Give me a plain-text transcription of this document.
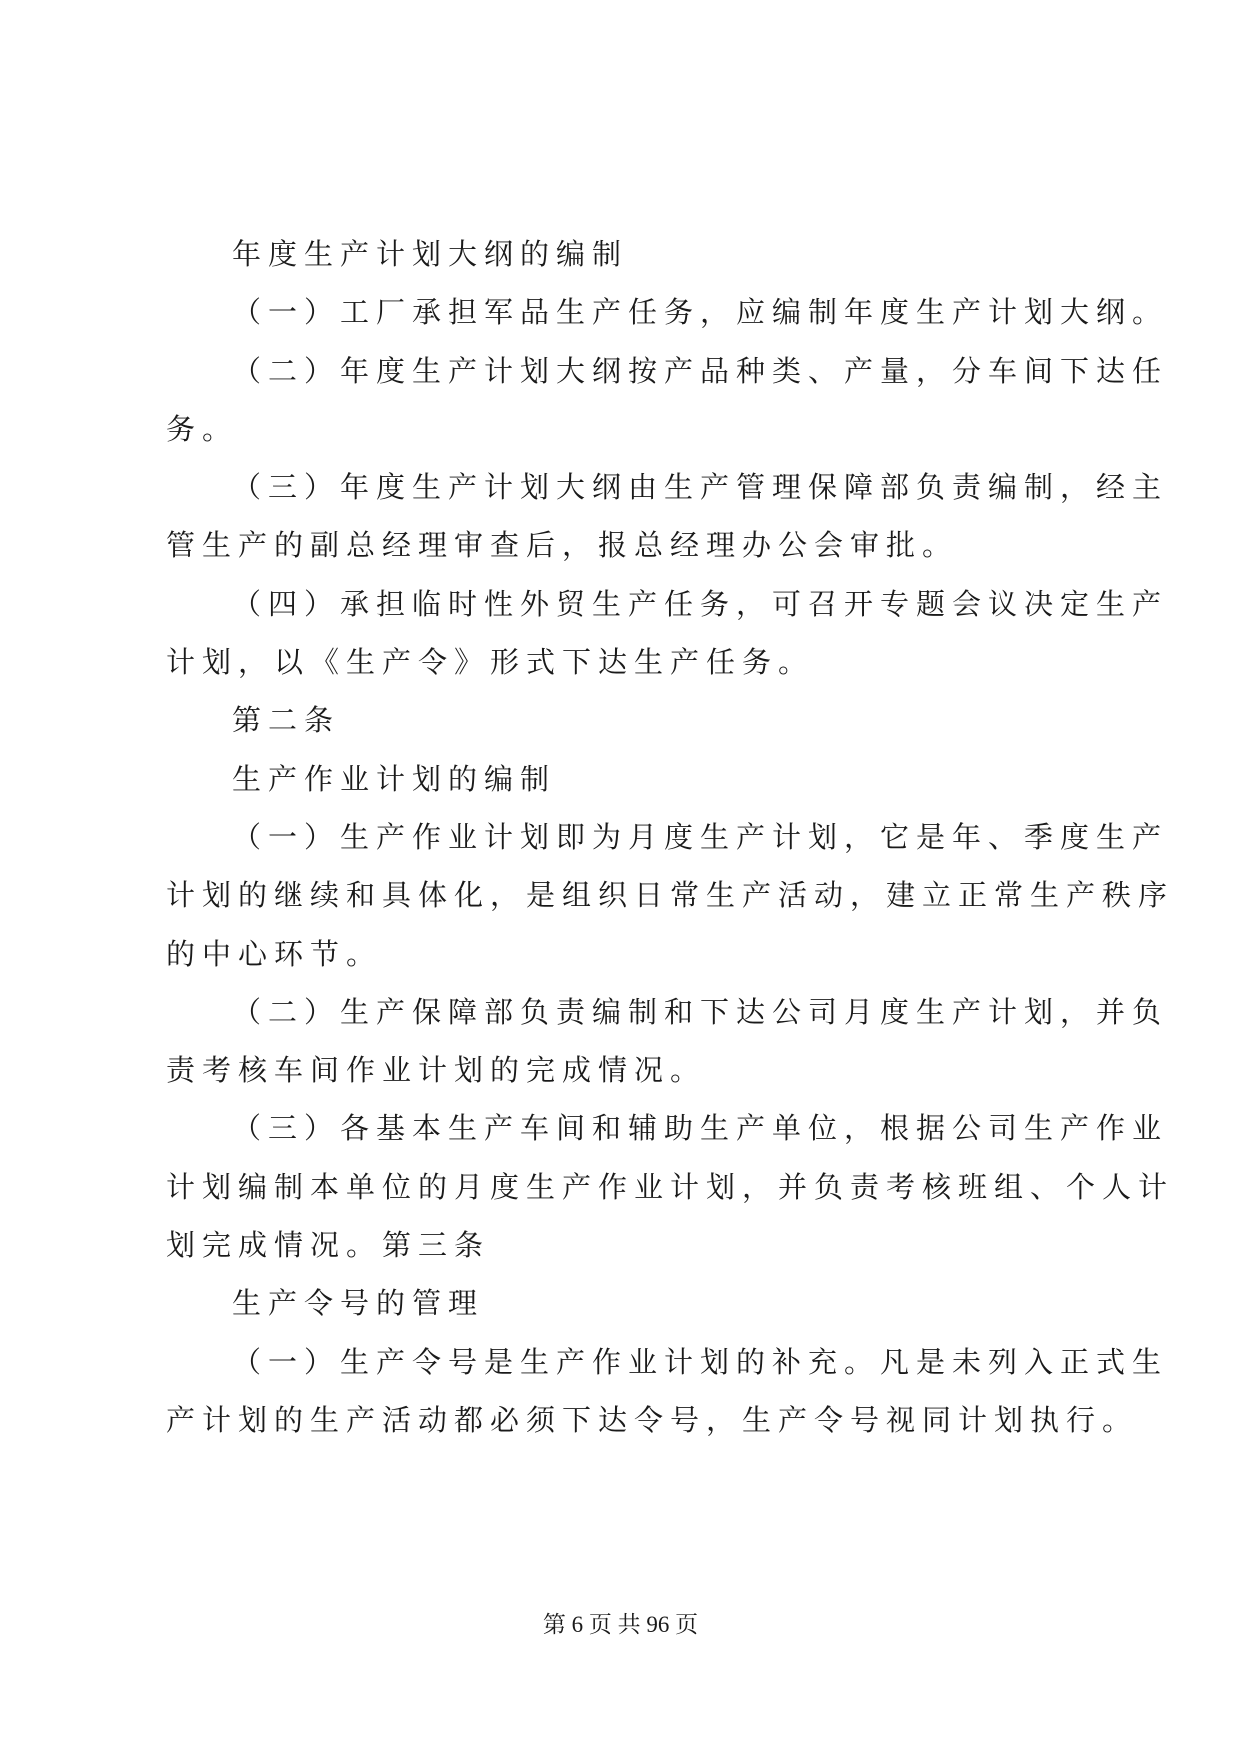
年度生产计划大纲的编制
（一）工厂承担军品生产任务，应编制年度生产计划大纲。
（二）年度生产计划大纲按产品种类、产量，分车间下达任
务。
（三）年度生产计划大纲由生产管理保障部负责编制，经主
管生产的副总经理审查后，报总经理办公会审批。
（四）承担临时性外贸生产任务，可召开专题会议决定生产
计划，以《生产令》形式下达生产任务。
第二条
生产作业计划的编制
（一）生产作业计划即为月度生产计划，它是年、季度生产
计划的继续和具体化，是组织日常生产活动，建立正常生产秩序
的中心环节。
（二）生产保障部负责编制和下达公司月度生产计划，并负
责考核车间作业计划的完成情况。
（三）各基本生产车间和辅助生产单位，根据公司生产作业
计划编制本单位的月度生产作业计划，并负责考核班组、个人计
划完成情况。第三条
生产令号的管理
（一）生产令号是生产作业计划的补充。凡是未列入正式生
产计划的生产活动都必须下达令号，生产令号视同计划执行。
第 6 页 共 96 页
